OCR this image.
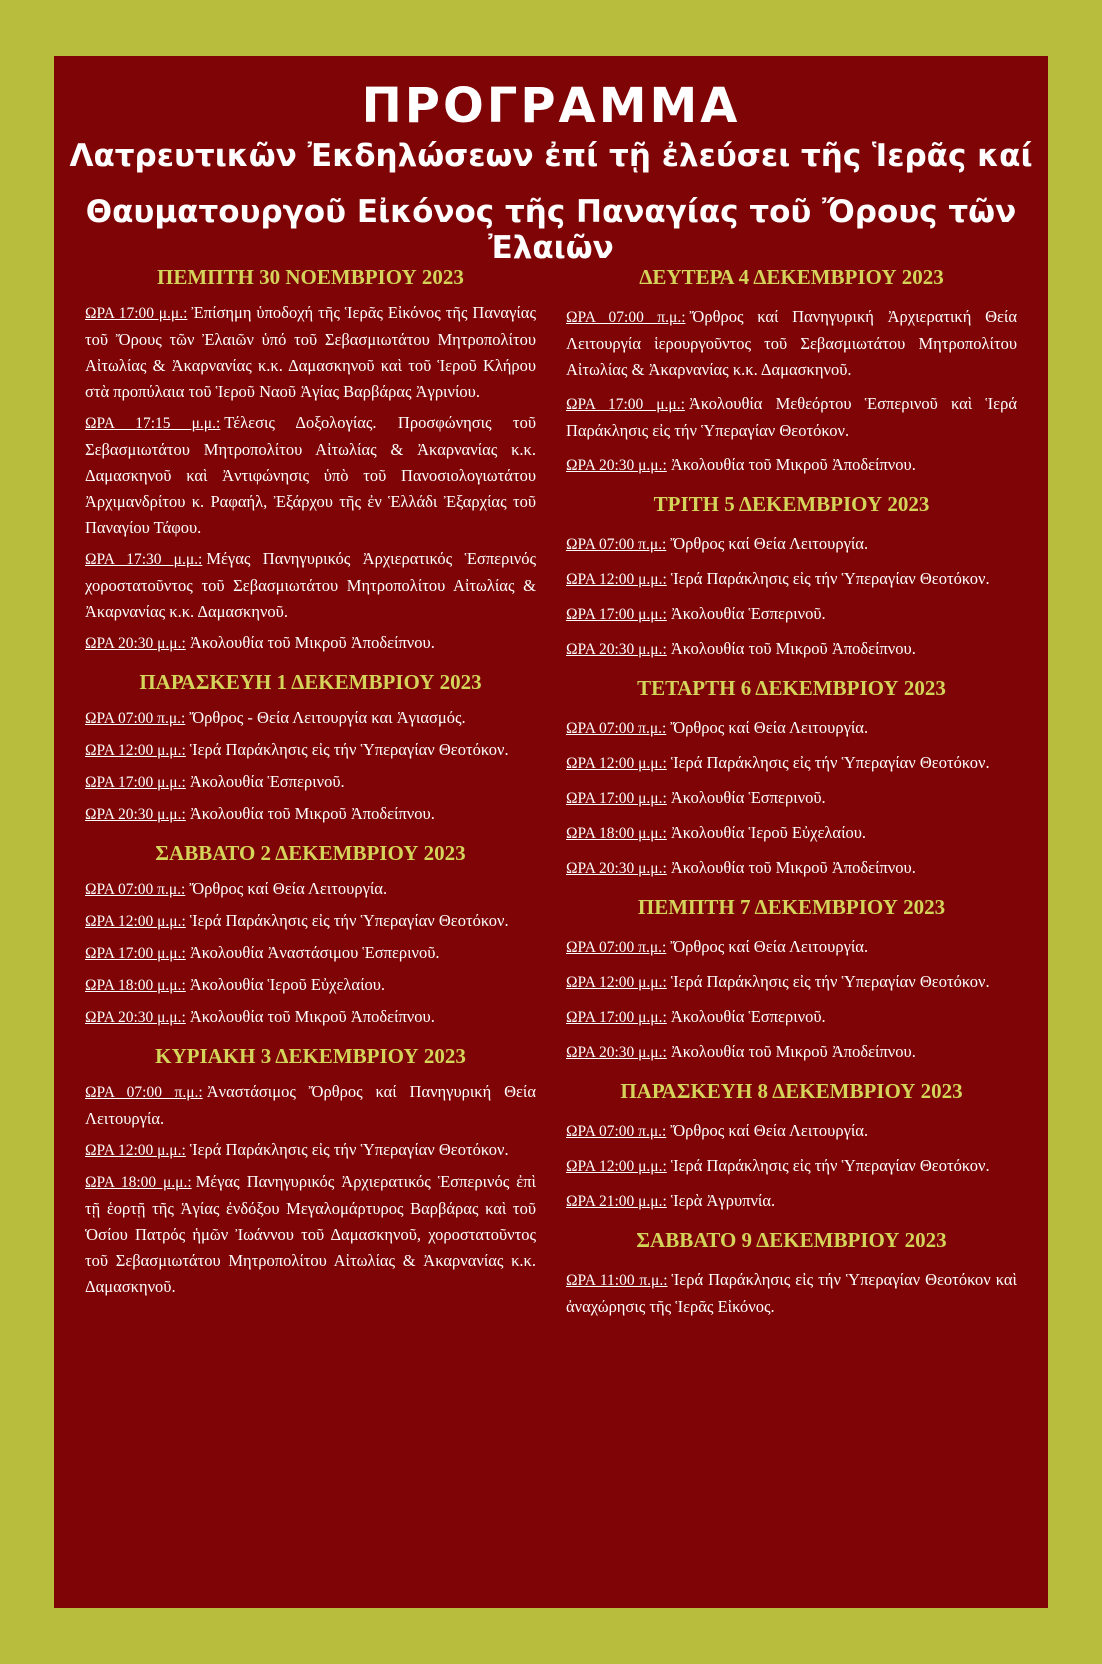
ΠΡΟΓΡΑΜΜΑ
Λατρευτικῶν Ἐκδηλώσεων ἐπί τῇ ἐλεύσει τῆς Ἱερᾶς καί
Θαυματουργοῦ Εἰκόνος τῆς Παναγίας τοῦ Ὄρους τῶν Ἐλαιῶν
ΠΕΜΠΤΗ 30 ΝΟΕΜΒΡΙΟΥ 2023
ΩΡΑ 17:00 μ.μ.: Ἐπίσημη ὑποδοχή τῆς Ἱερᾶς Εἰκόνος τῆς Παναγίας τοῦ Ὄρους τῶν Ἐλαιῶν ὑπό τοῦ Σεβασμιωτάτου Μητροπολίτου Αἰτωλίας & Ἀκαρνανίας κ.κ. Δαμασκηνοῦ καὶ τοῦ Ἱεροῦ Κλήρου στὰ προπύλαια τοῦ Ἱεροῦ Ναοῦ Ἁγίας Βαρβάρας Ἀγρινίου.
ΩΡΑ 17:15 μ.μ.: Τέλεσις Δοξολογίας. Προσφώνησις τοῦ Σεβασμιωτάτου Μητροπολίτου Αἰτωλίας & Ἀκαρνανίας κ.κ. Δαμασκηνοῦ καὶ Ἀντιφώνησις ὑπὸ τοῦ Πανοσιολογιωτάτου Ἀρχιμανδρίτου κ. Ραφαήλ, Ἐξάρχου τῆς ἐν Ἑλλάδι Ἐξαρχίας τοῦ Παναγίου Τάφου.
ΩΡΑ 17:30 μ.μ.: Μέγας Πανηγυρικός Ἀρχιερατικός Ἑσπερινός χοροστατοῦντος τοῦ Σεβασμιωτάτου Μητροπολίτου Αἰτωλίας & Ἀκαρνανίας κ.κ. Δαμασκηνοῦ.
ΩΡΑ 20:30 μ.μ.: Ἀκολουθία τοῦ Μικροῦ Ἀποδείπνου.
ΠΑΡΑΣΚΕΥΗ 1 ΔΕΚΕΜΒΡΙΟΥ 2023
ΩΡΑ 07:00 π.μ.: Ὄρθρος - Θεία Λειτουργία και Ἁγιασμός.
ΩΡΑ 12:00 μ.μ.: Ἱερά Παράκλησις εἰς τήν Ὑπεραγίαν Θεοτόκον.
ΩΡΑ 17:00 μ.μ.: Ἀκολουθία Ἑσπερινοῦ.
ΩΡΑ 20:30 μ.μ.: Ἀκολουθία τοῦ Μικροῦ Ἀποδείπνου.
ΣΑΒΒΑΤΟ 2 ΔΕΚΕΜΒΡΙΟΥ 2023
ΩΡΑ 07:00 π.μ.: Ὄρθρος καί Θεία Λειτουργία.
ΩΡΑ 12:00 μ.μ.: Ἱερά Παράκλησις εἰς τήν Ὑπεραγίαν Θεοτόκον.
ΩΡΑ 17:00 μ.μ.: Ἀκολουθία Ἀναστάσιμου Ἑσπερινοῦ.
ΩΡΑ 18:00 μ.μ.: Ἀκολουθία Ἱεροῦ Εὐχελαίου.
ΩΡΑ 20:30 μ.μ.: Ἀκολουθία τοῦ Μικροῦ Ἀποδείπνου.
ΚΥΡΙΑΚΗ 3 ΔΕΚΕΜΒΡΙΟΥ 2023
ΩΡΑ 07:00 π.μ.: Ἀναστάσιμος Ὄρθρος καί Πανηγυρική Θεία Λειτουργία.
ΩΡΑ 12:00 μ.μ.: Ἱερά Παράκλησις εἰς τήν Ὑπεραγίαν Θεοτόκον.
ΩΡΑ 18:00 μ.μ.: Μέγας Πανηγυρικός Ἀρχιερατικός Ἑσπερινός ἐπὶ τῇ ἑορτῇ τῆς Ἁγίας ἐνδόξου Μεγαλομάρτυρος Βαρβάρας καὶ τοῦ Ὁσίου Πατρός ἡμῶν Ἰωάννου τοῦ Δαμασκηνοῦ, χοροστατοῦντος τοῦ Σεβασμιωτάτου Μητροπολίτου Αἰτωλίας & Ἀκαρνανίας κ.κ. Δαμασκηνοῦ.
ΔΕΥΤΕΡΑ 4 ΔΕΚΕΜΒΡΙΟΥ 2023
ΩΡΑ 07:00 π.μ.: Ὄρθρος καί Πανηγυρική Ἀρχιερατική Θεία Λειτουργία ἱερουργοῦντος τοῦ Σεβασμιωτάτου Μητροπολίτου Αἰτωλίας & Ἀκαρνανίας κ.κ. Δαμασκηνοῦ.
ΩΡΑ 17:00 μ.μ.: Ἀκολουθία Μεθεόρτου Ἑσπερινοῦ καὶ Ἱερά Παράκλησις εἰς τήν Ὑπεραγίαν Θεοτόκον.
ΩΡΑ 20:30 μ.μ.: Ἀκολουθία τοῦ Μικροῦ Ἀποδείπνου.
ΤΡΙΤΗ 5 ΔΕΚΕΜΒΡΙΟΥ 2023
ΩΡΑ 07:00 π.μ.: Ὄρθρος καί Θεία Λειτουργία.
ΩΡΑ 12:00 μ.μ.: Ἱερά Παράκλησις εἰς τήν Ὑπεραγίαν Θεοτόκον.
ΩΡΑ 17:00 μ.μ.: Ἀκολουθία Ἑσπερινοῦ.
ΩΡΑ 20:30 μ.μ.: Ἀκολουθία τοῦ Μικροῦ Ἀποδείπνου.
ΤΕΤΑΡΤΗ 6 ΔΕΚΕΜΒΡΙΟΥ 2023
ΩΡΑ 07:00 π.μ.: Ὄρθρος καί Θεία Λειτουργία.
ΩΡΑ 12:00 μ.μ.: Ἱερά Παράκλησις εἰς τήν Ὑπεραγίαν Θεοτόκον.
ΩΡΑ 17:00 μ.μ.: Ἀκολουθία Ἑσπερινοῦ.
ΩΡΑ 18:00 μ.μ.: Ἀκολουθία Ἱεροῦ Εὐχελαίου.
ΩΡΑ 20:30 μ.μ.: Ἀκολουθία τοῦ Μικροῦ Ἀποδείπνου.
ΠΕΜΠΤΗ 7 ΔΕΚΕΜΒΡΙΟΥ 2023
ΩΡΑ 07:00 π.μ.: Ὄρθρος καί Θεία Λειτουργία.
ΩΡΑ 12:00 μ.μ.: Ἱερά Παράκλησις εἰς τήν Ὑπεραγίαν Θεοτόκον.
ΩΡΑ 17:00 μ.μ.: Ἀκολουθία Ἑσπερινοῦ.
ΩΡΑ 20:30 μ.μ.: Ἀκολουθία τοῦ Μικροῦ Ἀποδείπνου.
ΠΑΡΑΣΚΕΥΗ 8 ΔΕΚΕΜΒΡΙΟΥ 2023
ΩΡΑ 07:00 π.μ.: Ὄρθρος καί Θεία Λειτουργία.
ΩΡΑ 12:00 μ.μ.: Ἱερά Παράκλησις εἰς τήν Ὑπεραγίαν Θεοτόκον.
ΩΡΑ 21:00 μ.μ.: Ἱερὰ Ἀγρυπνία.
ΣΑΒΒΑΤΟ 9 ΔΕΚΕΜΒΡΙΟΥ 2023
ΩΡΑ 11:00 π.μ.: Ἱερά Παράκλησις εἰς τήν Ὑπεραγίαν Θεοτόκον καὶ ἀναχώρησις τῆς Ἱερᾶς Εἰκόνος.
